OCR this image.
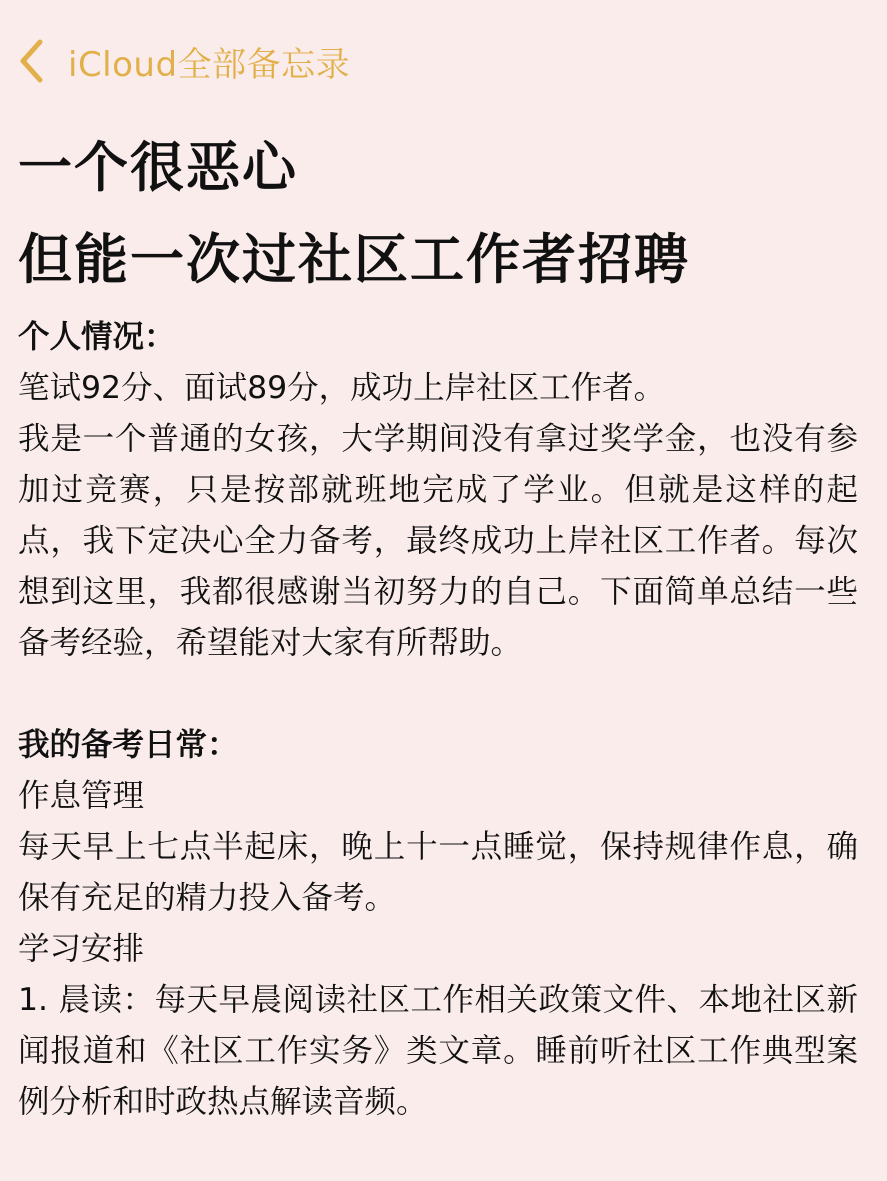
iCloud全部备忘录
一个很恶心
但能一次过社区工作者招聘

个人情况：

笔试92分、面试89分，成功上岸社区工作者。

我是一个普通的女孩，大学期间没有拿过奖学金，也没有参加过竞赛，只是按部就班地完成了学业。但就是这样的起点，我下定决心全力备考，最终成功上岸社区工作者。每次想到这里，我都很感谢当初努力的自己。下面简单总结一些备考经验，希望能对大家有所帮助。

我的备考日常：

作息管理

每天早上七点半起床，晚上十一点睡觉，保持规律作息，确保有充足的精力投入备考。

学习安排

1. 晨读：每天早晨阅读社区工作相关政策文件、本地社区新闻报道和《社区工作实务》类文章。睡前听社区工作典型案例分析和时政热点解读音频。
